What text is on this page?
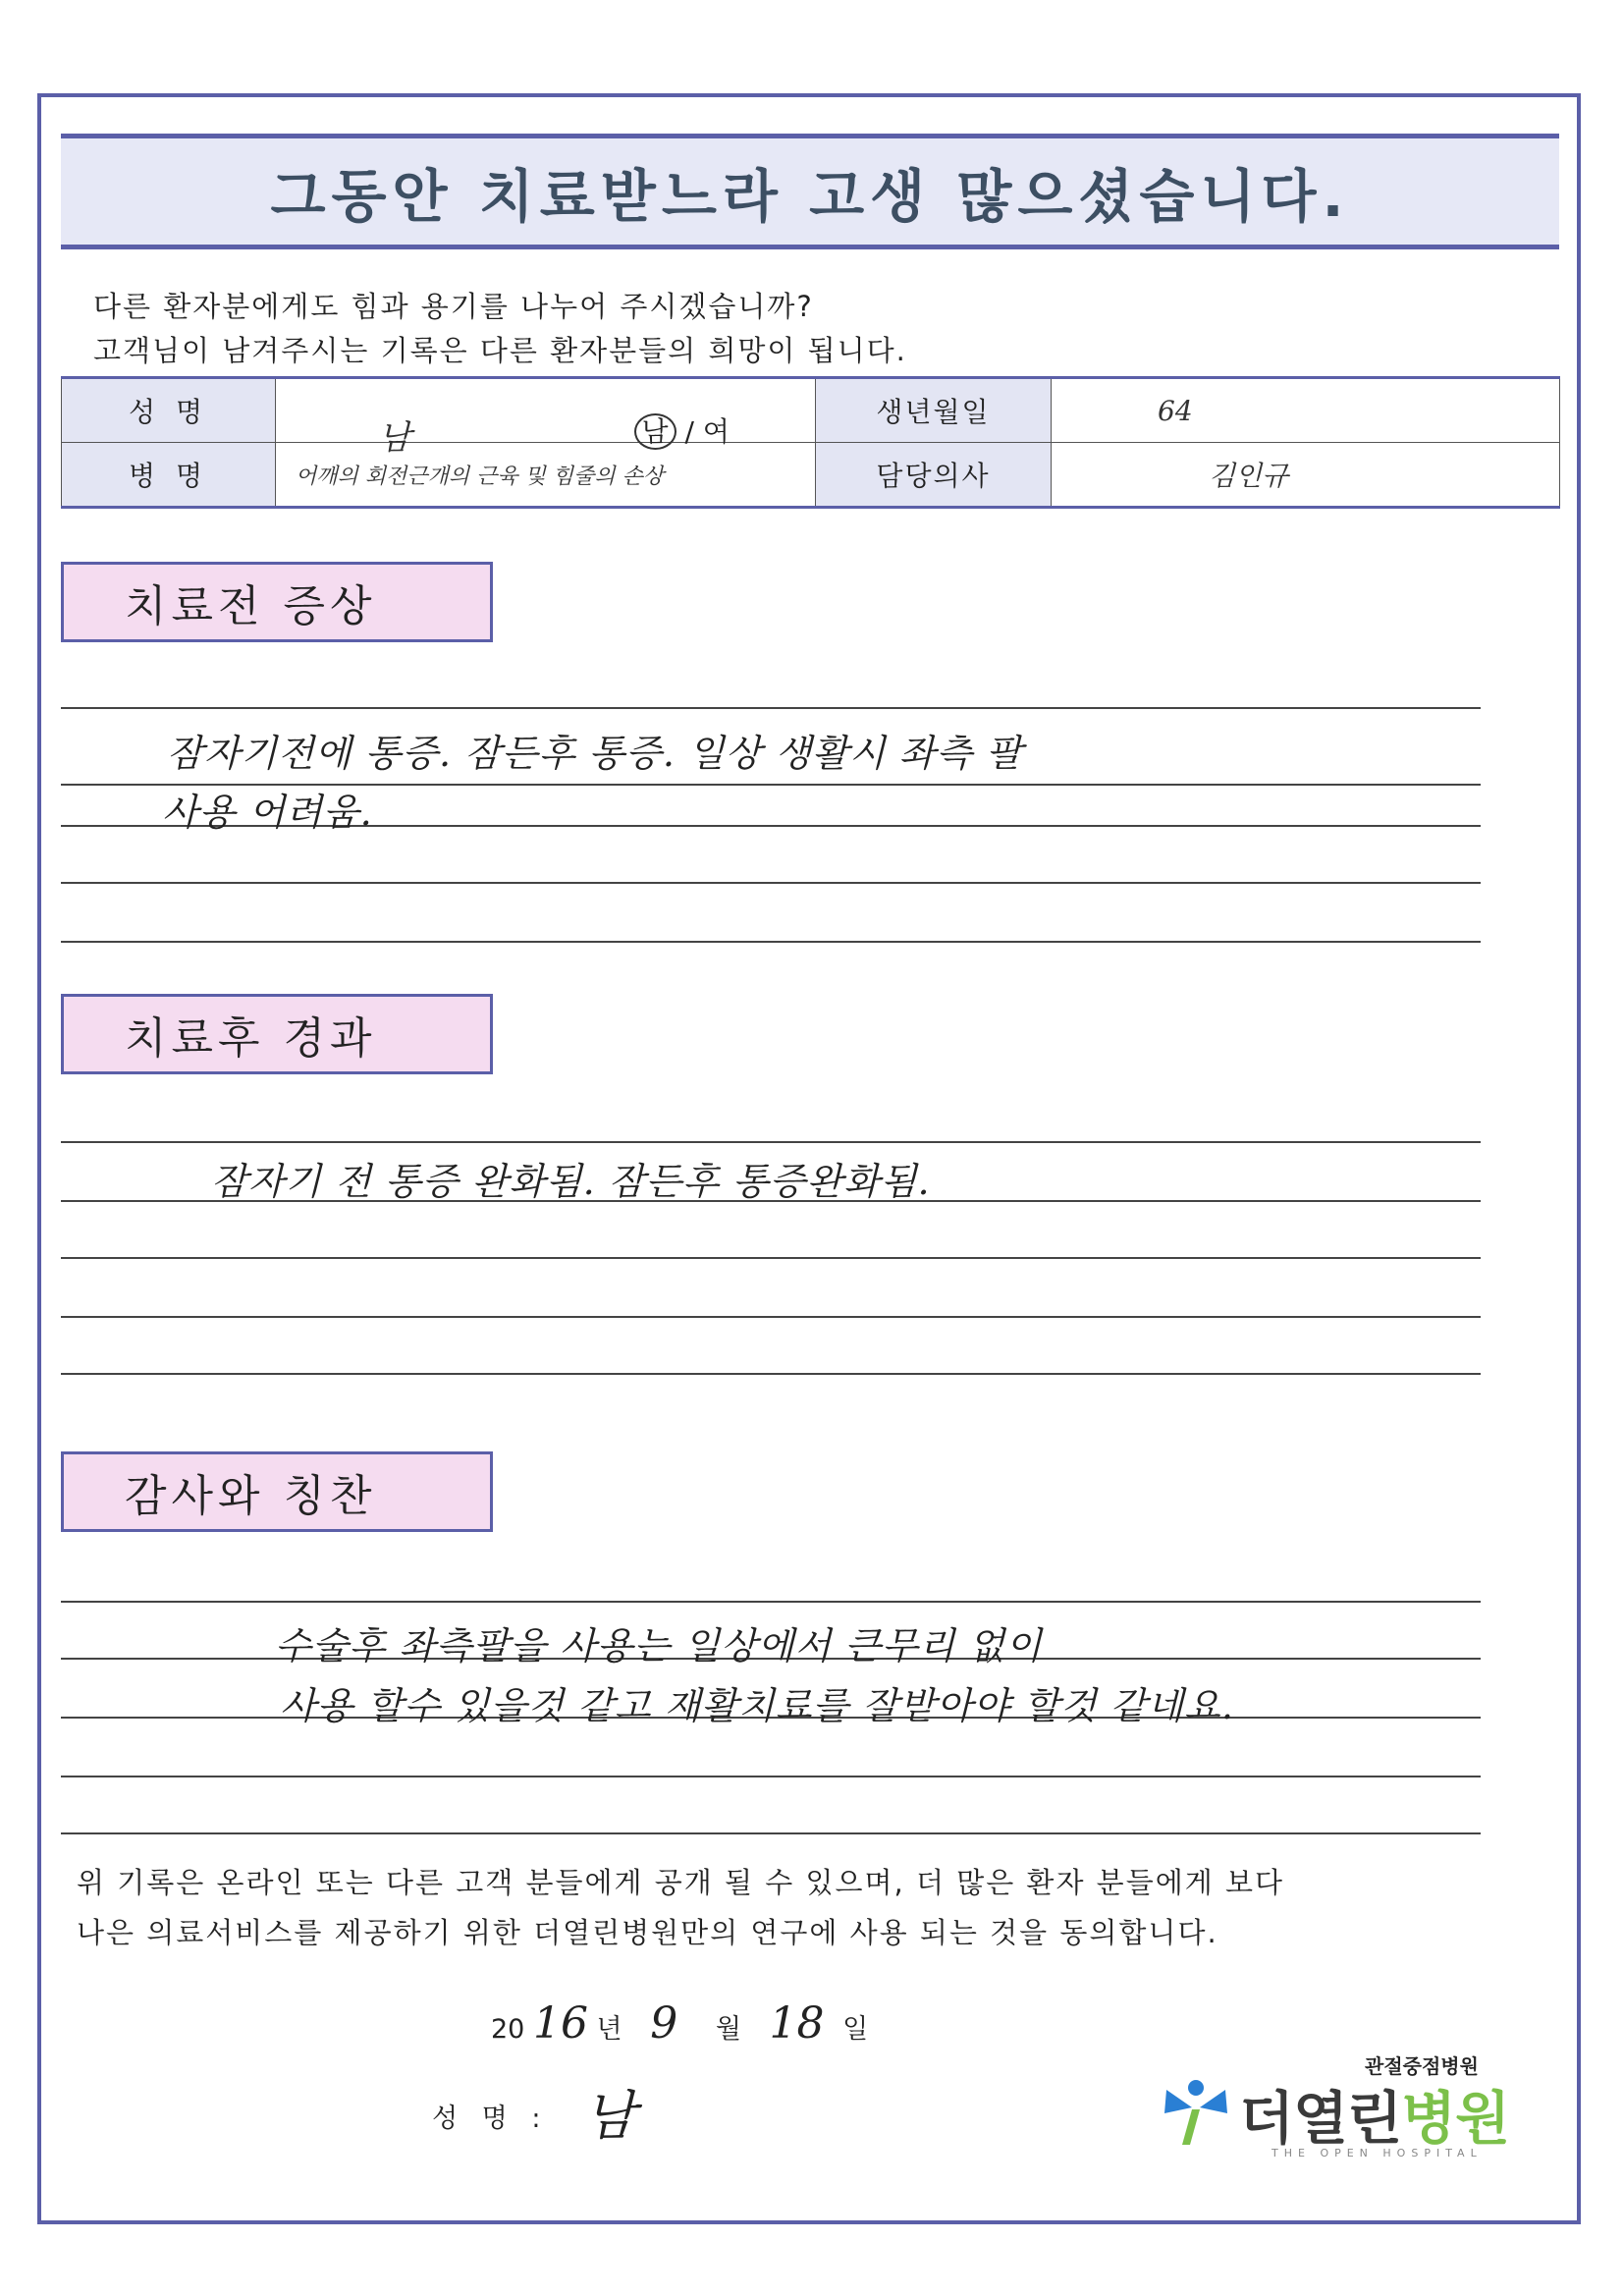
그동안 치료받느라 고생 많으셨습니다.
다른 환자분에게도 힘과 용기를 나누어 주시겠습니까?
고객님이 남겨주시는 기록은 다른 환자분들의 희망이 됩니다.
성 명	남 남 / 여	생년월일	64
병 명	어깨의 회전근개의 근육 및 힘줄의 손상	담당의사	김인규
치료전 증상
잠자기전에 통증. 잠든후 통증. 일상 생활시 좌측 팔
사용 어려움.
치료후 경과
잠자기 전 통증 완화됨. 잠든후 통증완화됨.
감사와 칭찬
수술후 좌측팔을 사용는 일상에서 큰무리 없이
사용 할수 있을것 같고 재활치료를 잘받아야 할것 같네요.
위 기록은 온라인 또는 다른 고객 분들에게 공개 될 수 있으며, 더 많은 환자 분들에게 보다
나은 의료서비스를 제공하기 위한 더열린병원만의 연구에 사용 되는 것을 동의합니다.
20 16 년 9 월 18 일
성 명 : 남
관절중점병원
더열린병원
THE OPEN HOSPITAL
